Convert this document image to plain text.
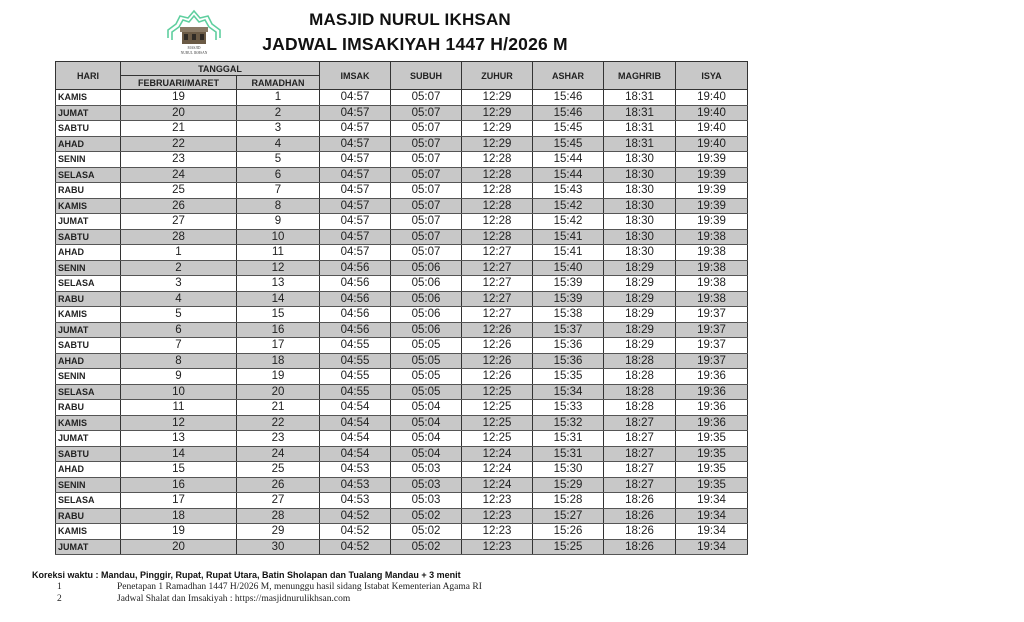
MASJID
NURUL IKHSAN
MASJID NURUL IKHSAN
JADWAL IMSAKIYAH 1447 H/2026 M
HARI	TANGGAL		IMSAK	SUBUH	ZUHUR	ASHAR	MAGHRIB	ISYA
	FEBRUARI/MARET	RAMADHAN						
KAMIS	19	1	04:57	05:07	12:29	15:46	18:31	19:40
JUMAT	20	2	04:57	05:07	12:29	15:46	18:31	19:40
SABTU	21	3	04:57	05:07	12:29	15:45	18:31	19:40
AHAD	22	4	04:57	05:07	12:29	15:45	18:31	19:40
SENIN	23	5	04:57	05:07	12:28	15:44	18:30	19:39
SELASA	24	6	04:57	05:07	12:28	15:44	18:30	19:39
RABU	25	7	04:57	05:07	12:28	15:43	18:30	19:39
KAMIS	26	8	04:57	05:07	12:28	15:42	18:30	19:39
JUMAT	27	9	04:57	05:07	12:28	15:42	18:30	19:39
SABTU	28	10	04:57	05:07	12:28	15:41	18:30	19:38
AHAD	1	11	04:57	05:07	12:27	15:41	18:30	19:38
SENIN	2	12	04:56	05:06	12:27	15:40	18:29	19:38
SELASA	3	13	04:56	05:06	12:27	15:39	18:29	19:38
RABU	4	14	04:56	05:06	12:27	15:39	18:29	19:38
KAMIS	5	15	04:56	05:06	12:27	15:38	18:29	19:37
JUMAT	6	16	04:56	05:06	12:26	15:37	18:29	19:37
SABTU	7	17	04:55	05:05	12:26	15:36	18:29	19:37
AHAD	8	18	04:55	05:05	12:26	15:36	18:28	19:37
SENIN	9	19	04:55	05:05	12:26	15:35	18:28	19:36
SELASA	10	20	04:55	05:05	12:25	15:34	18:28	19:36
RABU	11	21	04:54	05:04	12:25	15:33	18:28	19:36
KAMIS	12	22	04:54	05:04	12:25	15:32	18:27	19:36
JUMAT	13	23	04:54	05:04	12:25	15:31	18:27	19:35
SABTU	14	24	04:54	05:04	12:24	15:31	18:27	19:35
AHAD	15	25	04:53	05:03	12:24	15:30	18:27	19:35
SENIN	16	26	04:53	05:03	12:24	15:29	18:27	19:35
SELASA	17	27	04:53	05:03	12:23	15:28	18:26	19:34
RABU	18	28	04:52	05:02	12:23	15:27	18:26	19:34
KAMIS	19	29	04:52	05:02	12:23	15:26	18:26	19:34
JUMAT	20	30	04:52	05:02	12:23	15:25	18:26	19:34
Koreksi waktu : Mandau, Pinggir, Rupat, Rupat Utara, Batin Sholapan dan Tualang Mandau + 3 menit
1	Penetapan 1 Ramadhan 1447 H/2026 M, menunggu hasil sidang Istabat Kementerian Agama RI
2	Jadwal Shalat dan Imsakiyah : https://masjidnurulikhsan.com
